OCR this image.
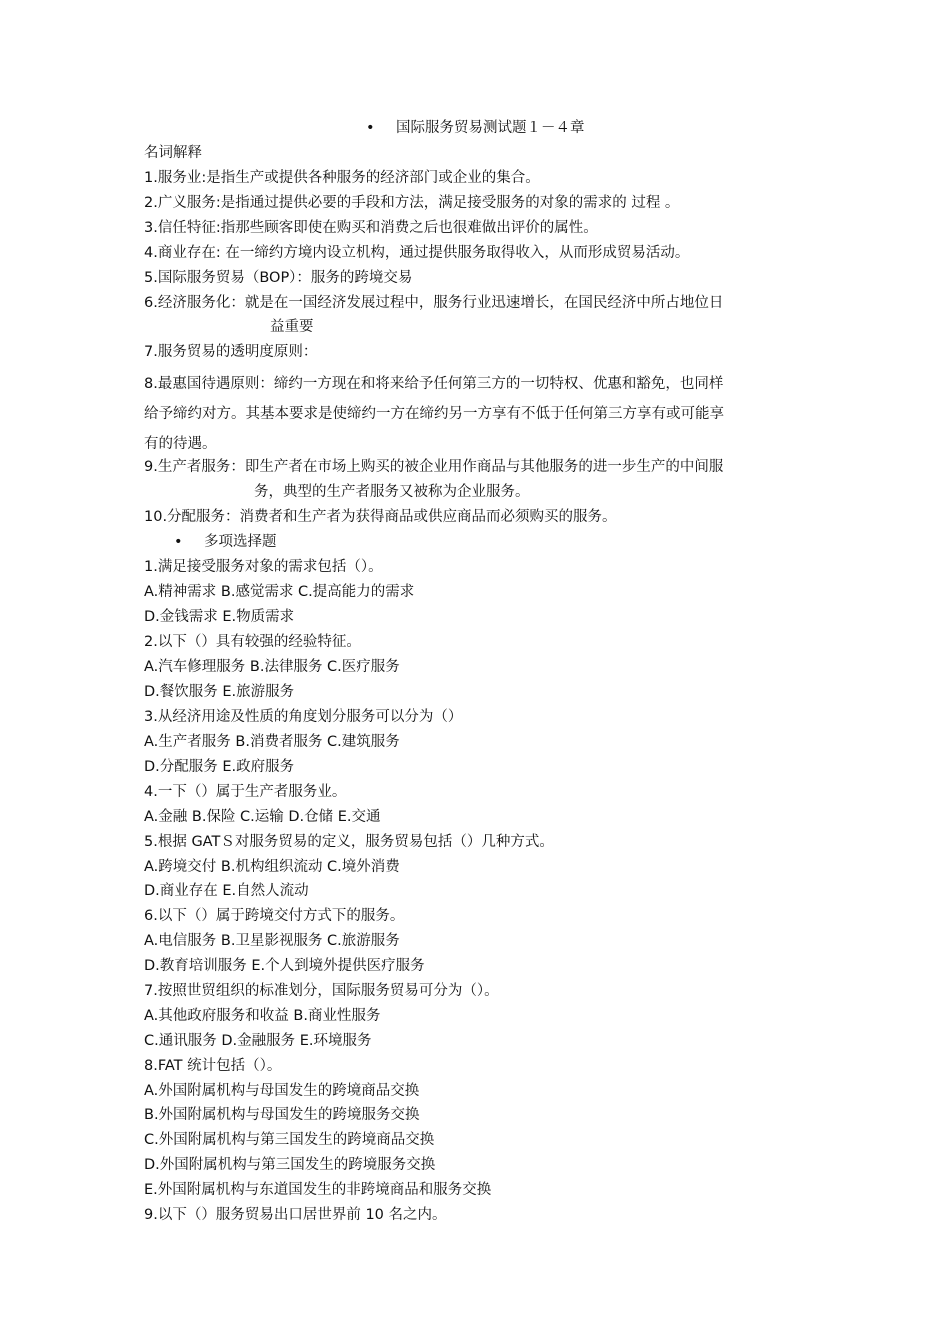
• 国际服务贸易测试题１－４章
名词解释
1.服务业:是指生产或提供各种服务的经济部门或企业的集合。
2.广义服务:是指通过提供必要的手段和方法，满足接受服务的对象的需求的 过程 。
3.信任特征:指那些顾客即使在购买和消费之后也很难做出评价的属性。
4.商业存在: 在一缔约方境内设立机构，通过提供服务取得收入，从而形成贸易活动。
5.国际服务贸易（BOP）：服务的跨境交易
6.经济服务化：就是在一国经济发展过程中，服务行业迅速增长，在国民经济中所占地位日
益重要
7.服务贸易的透明度原则：
8.最惠国待遇原则：缔约一方现在和将来给予任何第三方的一切特权、优惠和豁免，也同样
给予缔约对方。其基本要求是使缔约一方在缔约另一方享有不低于任何第三方享有或可能享
有的待遇。
9.生产者服务：即生产者在市场上购买的被企业用作商品与其他服务的进一步生产的中间服
务，典型的生产者服务又被称为企业服务。
10.分配服务：消费者和生产者为获得商品或供应商品而必须购买的服务。
• 多项选择题
1.满足接受服务对象的需求包括（）。
A.精神需求 B.感觉需求 C.提高能力的需求
D.金钱需求 E.物质需求
2.以下（）具有较强的经验特征。
A.汽车修理服务 B.法律服务 C.医疗服务
D.餐饮服务 E.旅游服务
3.从经济用途及性质的角度划分服务可以分为（）
A.生产者服务 B.消费者服务 C.建筑服务
D.分配服务 E.政府服务
4.一下（）属于生产者服务业。
A.金融 B.保险 C.运输 D.仓储 E.交通
5.根据 GATＳ对服务贸易的定义，服务贸易包括（）几种方式。
A.跨境交付 B.机构组织流动 C.境外消费
D.商业存在 E.自然人流动
6.以下（）属于跨境交付方式下的服务。
A.电信服务 B.卫星影视服务 C.旅游服务
D.教育培训服务 E.个人到境外提供医疗服务
7.按照世贸组织的标准划分，国际服务贸易可分为（）。
A.其他政府服务和收益 B.商业性服务
C.通讯服务 D.金融服务 E.环境服务
8.FAT 统计包括（）。
A.外国附属机构与母国发生的跨境商品交换
B.外国附属机构与母国发生的跨境服务交换
C.外国附属机构与第三国发生的跨境商品交换
D.外国附属机构与第三国发生的跨境服务交换
E.外国附属机构与东道国发生的非跨境商品和服务交换
9.以下（）服务贸易出口居世界前 10 名之内。
